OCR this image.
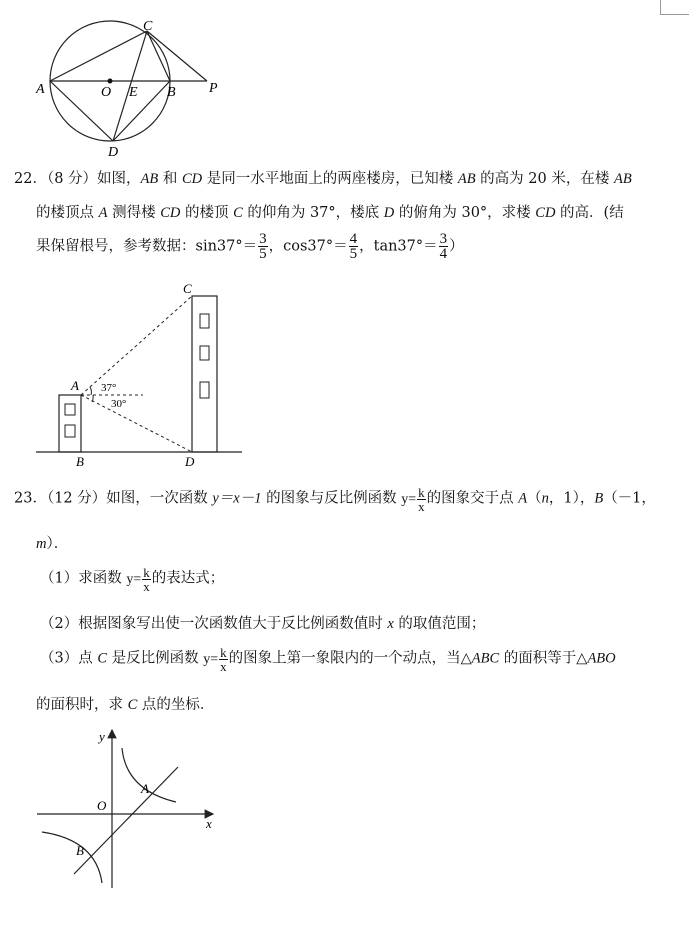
A	O E B
C
P
D
22．（8 分）如图，AB 和 CD 是同一水平地面上的两座楼房，已知楼 AB 的高为 20 米，在楼 AB
的楼顶点 A 测得楼 CD 的楼顶 C 的仰角为 37°，楼底 D 的俯角为 30°，求楼 CD 的高．(结
果保留根号，参考数据：$\sin 37^\circ= \frac{3}{5}$ ，$\cos 37^\circ= \frac{4}{5}$ ，$\tan 37^\circ= \frac{3}{4}$ ）
C
A 37°
30°
B	D
23．（12 分）如图，一次函数 y＝x－1 的图象与反比例函数 $y= \frac{k}{x}$ 的图象交于点 A（n，1），B（－1，
m）．
（1）求函数 $y= \frac{k}{x}$ 的表达式；
（2）根据图象写出使一次函数值大于反比例函数值时 x 的取值范围；
（3）点 C 是反比例函数 $y= \frac{k}{x}$ 的图象上第一象限内的一个动点，当△ABC 的面积等于△ABO
的面积时，求 C 点的坐标．
y
x
O
A
B
